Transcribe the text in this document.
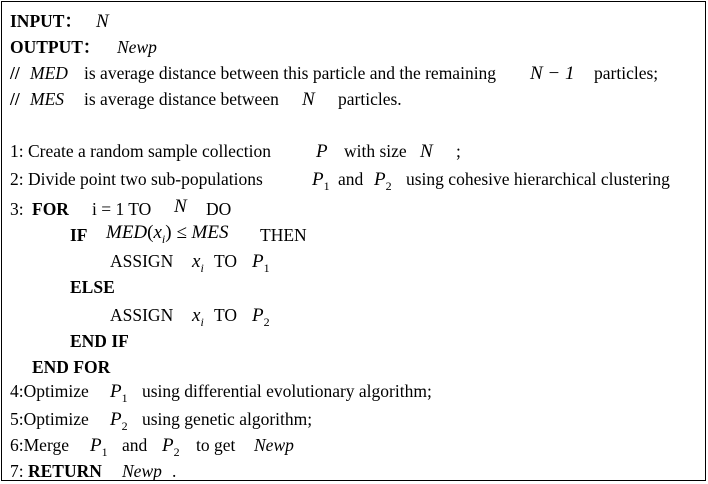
INPUT： N
OUTPUT： Newp
// MED is average distance between this particle and the remaining N − 1 particles;
// MES is average distance between N particles.
1: Create a random sample collection P with size N ;
2: Divide point two sub-populations	$P_1$ and $P_2$ using cohesive hierarchical clustering
3: FOR i = 1 TO N DO
IF $MED(x_i)$ ≤ MES THEN
ASSIGN $x_i$ TO $P_1$
ELSE
ASSIGN $x_i$ TO $P_2$
END IF
END FOR
4:Optimize $P_1$ using differential evolutionary algorithm;
5:Optimize $P_2$ using genetic algorithm;
6:Merge $P_1$ and $P_2$ to get Newp
7: RETURN Newp .
